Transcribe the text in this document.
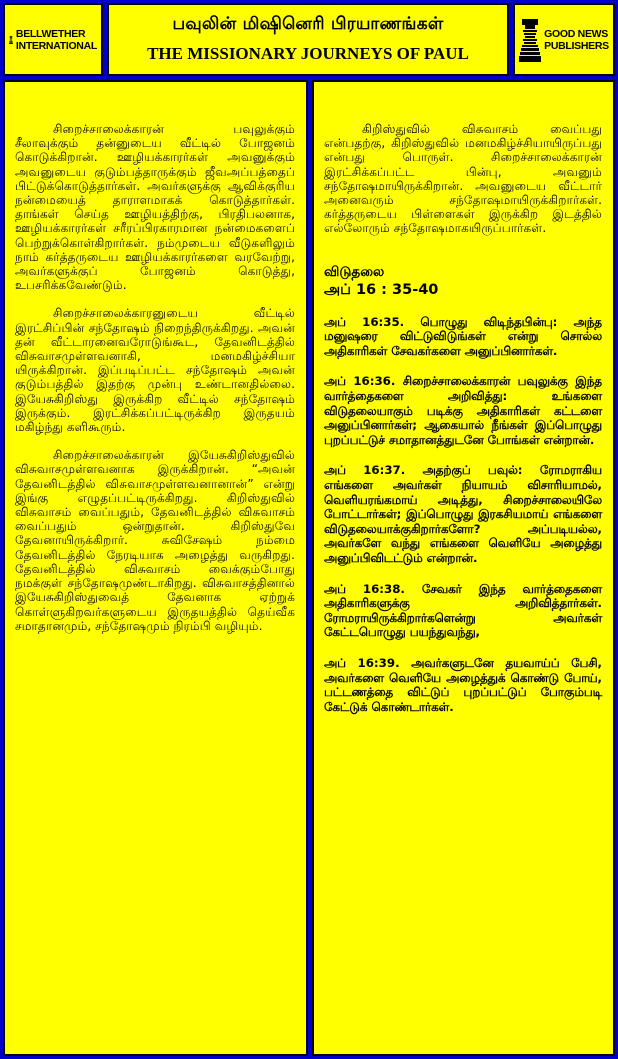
BELLWETHER
INTERNATIONAL
பவுலின் மிஷினெரி பிரயாணங்கள்
THE MISSIONARY JOURNEYS OF PAUL
GOOD NEWS
PUBLISHERS

சிறைச்சாலைக்காரன் பவுலுக்கும் சீலாவுக்கும் தன்னுடைய வீட்டில் போஜனம் கொடுக்கிறான். ஊழியக்காரர்கள் அவனுக்கும் அவனுடைய குடும்பத்தாருக்கும் ஜீவஅப்பத்தைப் பிட்டுக்கொடுத்தார்கள். அவர்களுக்கு ஆவிக்குரிய நன்மையைத் தாராளமாகக் கொடுத்தார்கள். தாங்கள் செய்த ஊழியத்திற்கு, பிரதிபலனாக, ஊழியக்காரர்கள் சரீரப்பிரகாரமான நன்மைகளைப் பெற்றுக்கொள்கிறார்கள். நம்முடைய வீடுகளிலும் நாம் கர்த்தருடைய ஊழியக்காரர்களை வரவேற்று, அவர்களுக்குப் போஜனம் கொடுத்து, உபசரிக்கவேண்டும்.

சிறைச்சாலைக்காரனுடைய வீட்டில் இரட்சிப்பின் சந்தோஷம் நிறைந்திருக்கிறது. அவன் தன் வீட்டாரனைவரோடுங்கூட, தேவனிடத்தில் விசுவாசமுள்ளவனாகி, மனமகிழ்ச்சியா யிருக்கிறான். இப்படிப்பட்ட சந்தோஷம் அவன் குடும்பத்தில் இதற்கு முன்பு உண்டானதில்லை. இயேசுகிறிஸ்து இருக்கிற வீட்டில் சந்தோஷம் இருக்கும். இரட்சிக்கப்பட்டிருக்கிற இருதயம் மகிழ்ந்து களிகூரும்.

சிறைச்சாலைக்காரன் இயேசுகிறிஸ்துவில் விசுவாசமுள்ளவனாக இருக்கிறான். “அவன் தேவனிடத்தில் விசுவாசமுள்ளவனானான்” என்று இங்கு எழுதப்பட்டிருக்கிறது. கிறிஸ்துவில் விசுவாசம் வைப்பதும், தேவனிடத்தில் விசுவாசம் வைப்பதும் ஒன்றுதான். கிறிஸ்துவே தேவனாயிருக்கிறார். சுவிசேஷம் நம்மை தேவனிடத்தில் நேரடியாக அழைத்து வருகிறது. தேவனிடத்தில் விசுவாசம் வைக்கும்போது நமக்குள் சந்தோஷமுண்டாகிறது. விசுவாசத்தினால் இயேசுகிறிஸ்துவைத் தேவனாக ஏற்றுக் கொள்ளுகிறவர்களுடைய இருதயத்தில் தெய்வீக சமாதானமும், சந்தோஷமும் நிரம்பி வழியும்.

கிறிஸ்துவில் விசுவாசம் வைப்பது என்பதற்கு, கிறிஸ்துவில் மனமகிழ்ச்சியாயிருப்பது என்பது பொருள். சிறைச்சாலைக்காரன் இரட்சிக்கப்பட்ட பின்பு, அவனும் சந்தோஷமாயிருக்கிறான். அவனுடைய வீட்டார் அனைவரும் சந்தோஷமாயிருக்கிறார்கள். கர்த்தருடைய பிள்ளைகள் இருக்கிற இடத்தில் எல்லோரும் சந்தோஷமாகயிருப்பார்கள்.

விடுதலை
அப் 16 : 35-40

அப் 16:35. பொழுது விடிந்தபின்பு: அந்த மனுஷரை விட்டுவிடுங்கள் என்று சொல்ல அதிகாரிகள் சேவகர்களை அனுப்பினார்கள்.

அப் 16:36. சிறைச்சாலைக்காரன் பவுலுக்கு இந்த வார்த்தைகளை அறிவித்து: உங்களை விடுதலையாகும் படிக்கு அதிகாரிகள் கட்டளை அனுப்பினார்கள்; ஆகையால் நீங்கள் இப்பொழுது புறப்பட்டுச் சமாதானத்துடனே போங்கள் என்றான்.

அப் 16:37. அதற்குப் பவுல்: ரோமராகிய எங்களை அவர்கள் நியாயம் விசாரியாமல், வெளியரங்கமாய் அடித்து, சிறைச்சாலையிலே போட்டார்கள்; இப்பொழுது இரகசியமாய் எங்களை விடுதலையாக்குகிறார்களோ? அப்படியல்ல, அவர்களே வந்து எங்களை வெளியே அழைத்து அனுப்பிவிடட்டும் என்றான்.

அப் 16:38. சேவகர் இந்த வார்த்தைகளை அதிகாரிகளுக்கு அறிவித்தார்கள். ரோமராயிருக்கிறார்களென்று அவர்கள் கேட்டபொழுது பயந்துவந்து,

அப் 16:39. அவர்களுடனே தயவாய்ப் பேசி, அவர்களை வெளியே அழைத்துக் கொண்டு போய், பட்டணத்தை விட்டுப் புறப்பட்டுப் போகும்படி கேட்டுக் கொண்டார்கள்.
